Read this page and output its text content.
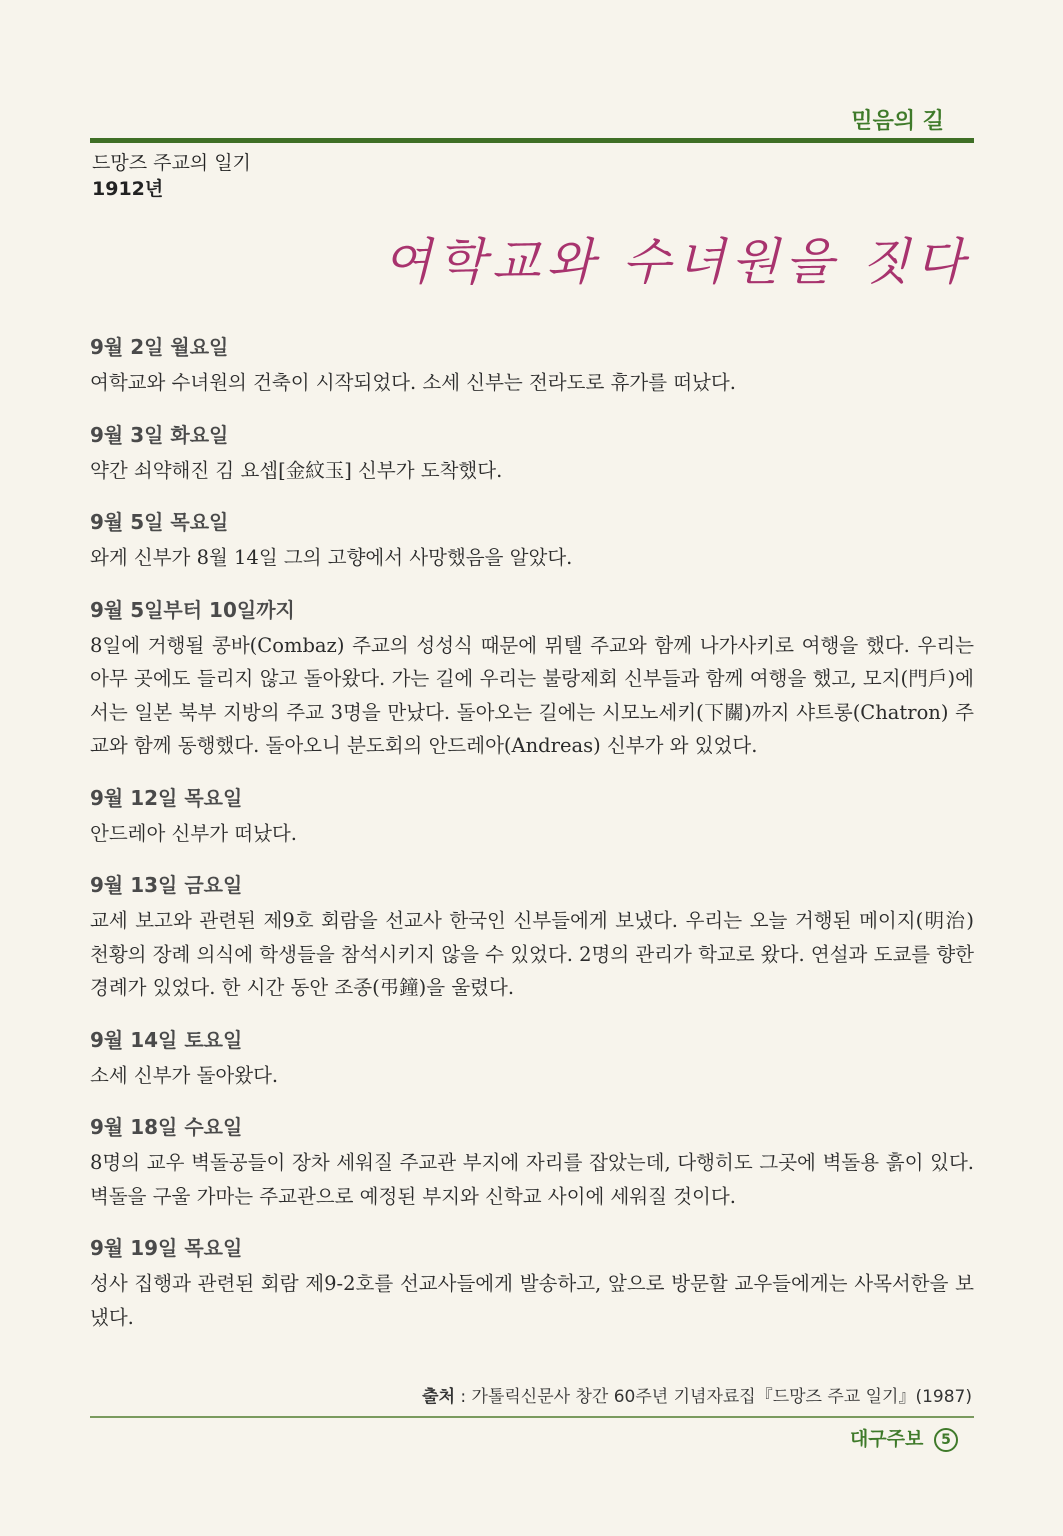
믿음의 길
드망즈 주교의 일기
1912년
여학교와 수녀원을 짓다

9월 2일 월요일

여학교와 수녀원의 건축이 시작되었다. 소세 신부는 전라도로 휴가를 떠났다.

9월 3일 화요일

약간 쇠약해진 김 요셉[金紋玉] 신부가 도착했다.

9월 5일 목요일

와게 신부가 8월 14일 그의 고향에서 사망했음을 알았다.

9월 5일부터 10일까지

8일에 거행될 콩바(Combaz) 주교의 성성식 때문에 뮈텔 주교와 함께 나가사키로 여행을 했다. 우리는 아무 곳에도 들리지 않고 돌아왔다. 가는 길에 우리는 불랑제회 신부들과 함께 여행을 했고, 모지(門戶)에서는 일본 북부 지방의 주교 3명을 만났다. 돌아오는 길에는 시모노세키(下關)까지 샤트롱(Chatron) 주교와 함께 동행했다. 돌아오니 분도회의 안드레아(Andreas) 신부가 와 있었다.

9월 12일 목요일

안드레아 신부가 떠났다.

9월 13일 금요일

교세 보고와 관련된 제9호 회람을 선교사 한국인 신부들에게 보냈다. 우리는 오늘 거행된 메이지(明治) 천황의 장례 의식에 학생들을 참석시키지 않을 수 있었다. 2명의 관리가 학교로 왔다. 연설과 도쿄를 향한 경례가 있었다. 한 시간 동안 조종(弔鐘)을 울렸다.

9월 14일 토요일

소세 신부가 돌아왔다.

9월 18일 수요일

8명의 교우 벽돌공들이 장차 세워질 주교관 부지에 자리를 잡았는데, 다행히도 그곳에 벽돌용 흙이 있다. 벽돌을 구울 가마는 주교관으로 예정된 부지와 신학교 사이에 세워질 것이다.

9월 19일 목요일

성사 집행과 관련된 회람 제9-2호를 선교사들에게 발송하고, 앞으로 방문할 교우들에게는 사목서한을 보냈다.

출처 : 가톨릭신문사 창간 60주년 기념자료집『드망즈 주교 일기』(1987)
대구주보 5
